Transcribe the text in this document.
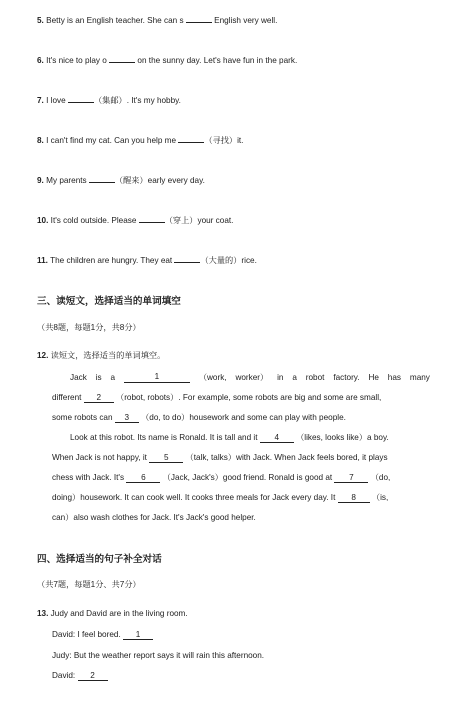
5. Betty is an English teacher. She can s	English very well.
6. It's nice to play o	on the sunny day. Let's have fun in the park.
7. I love	（集邮）. It's my hobby.
8. I can't find my cat. Can you help me	（寻找）it.
9. My parents	（醒来）early every day.
10. It's cold outside. Please	（穿上）your coat.
11. The children are hungry. They eat	（大量的）rice.
三、读短文，选择适当的单词填空
（共8题，每题1分，共8分）
12. 读短文，选择适当的单词填空。
Jack is a	1	（work, worker） in a robot factory. He has many
different 2 （robot, robots）. For example, some robots are big and some are small,
some robots can 3 （do, to do）housework and some can play with people.
Look at this robot. Its name is Ronald. It is tall and it 4 （likes, looks like）a boy.
When Jack is not happy, it 5 （talk, talks）with Jack. When Jack feels bored, it plays
chess with Jack. It's 6 （Jack, Jack's）good friend. Ronald is good at 7 （do,
doing）housework. It can cook well. It cooks three meals for Jack every day. It 8 （is,
can）also wash clothes for Jack. It's Jack's good helper.
四、选择适当的句子补全对话
（共7题，每题1分、共7分）
13. Judy and David are in the living room.
David: I feel bored. 1
Judy: But the weather report says it will rain this afternoon.
David: 2
